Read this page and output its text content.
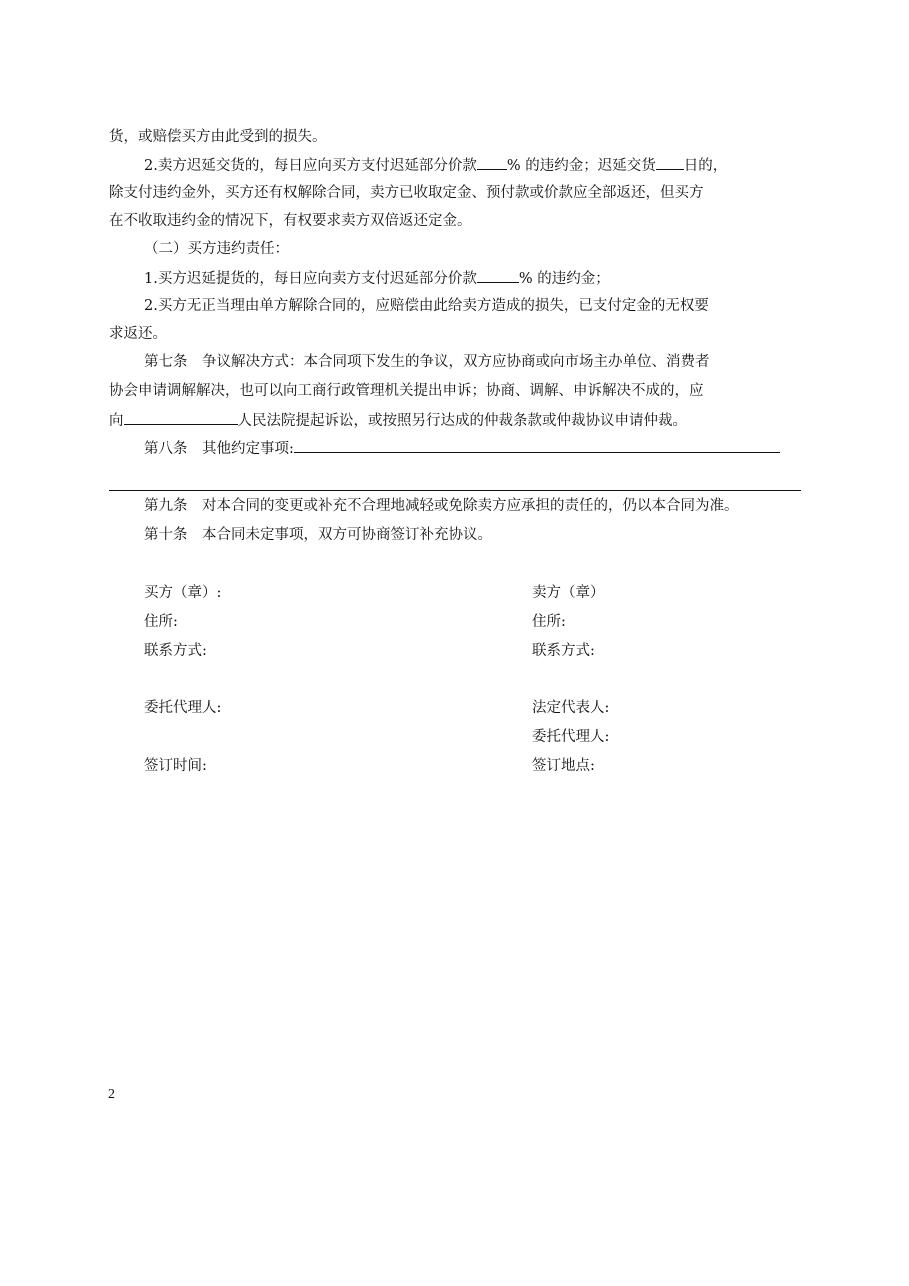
货，或赔偿买方由此受到的损失。
2.卖方迟延交货的，每日应向买方支付迟延部分价款 % 的违约金；迟延交货 日的，
除支付违约金外，买方还有权解除合同，卖方已收取定金、预付款或价款应全部返还，但买方
在不收取违约金的情况下，有权要求卖方双倍返还定金。
（二）买方违约责任：
1.买方迟延提货的，每日应向卖方支付迟延部分价款	% 的违约金；
2.买方无正当理由单方解除合同的，应赔偿由此给卖方造成的损失，已支付定金的无权要
求返还。
第七条　争议解决方式：本合同项下发生的争议，双方应协商或向市场主办单位、消费者
协会申请调解解决，也可以向工商行政管理机关提出申诉；协商、调解、申诉解决不成的，应
向	人民法院提起诉讼，或按照另行达成的仲裁条款或仲裁协议申请仲裁。
第八条　其他约定事项:
第九条　对本合同的变更或补充不合理地减轻或免除卖方应承担的责任的，仍以本合同为准。
第十条　本合同未定事项，双方可协商签订补充协议。
买方（章）:
住所:
联系方式:
委托代理人:
签订时间:
卖方（章）
住所:
联系方式:
法定代表人:
委托代理人:
签订地点:
2
